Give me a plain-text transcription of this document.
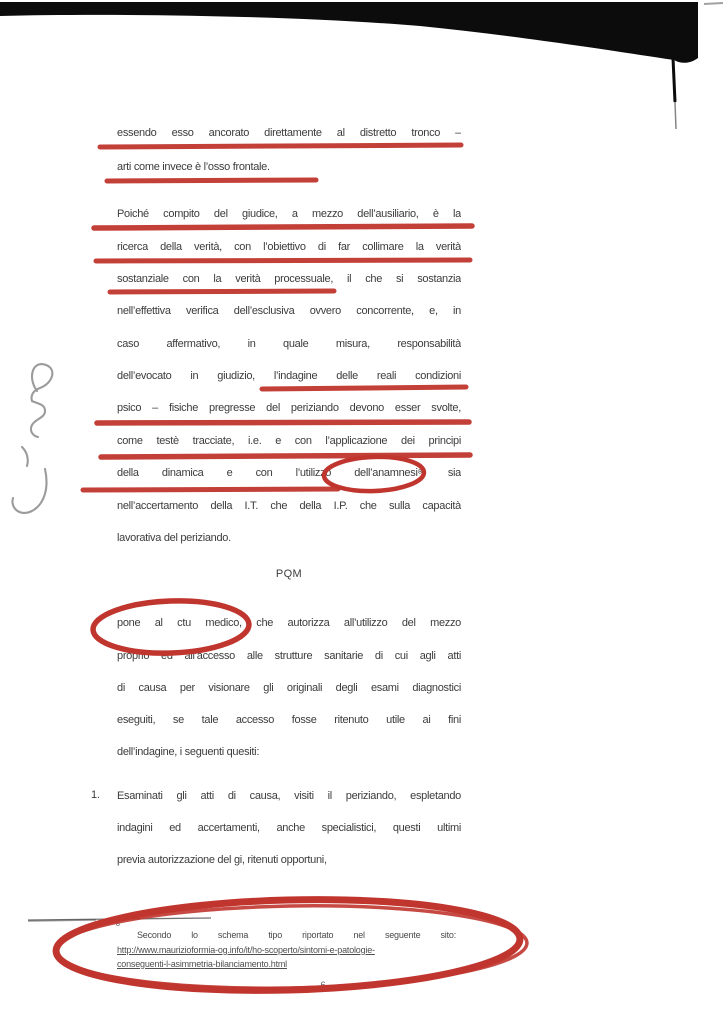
essendo esso ancorato direttamente al distretto tronco –
arti come invece è l’osso frontale.
Poiché compito del giudice, a mezzo dell’ausiliario, è la
ricerca della verità, con l’obiettivo di far collimare la verità
sostanziale con la verità processuale, il che si sostanzia
nell’effettiva verifica dell’esclusiva ovvero concorrente, e, in
caso affermativo, in quale misura, responsabilità
dell’evocato in giudizio, l’indagine delle reali condizioni
psico – fisiche pregresse del periziando devono esser svolte,
come testè tracciate, i.e. e con l’applicazione dei principi
della dinamica e con l’utilizzo dell’anamnesi⁸, sia
nell’accertamento della I.T. che della I.P. che sulla capacità
lavorativa del periziando.
PQM
pone al ctu medico, che autorizza all’utilizzo del mezzo
proprio ed all’accesso alle strutture sanitarie di cui agli atti
di causa per visionare gli originali degli esami diagnostici
eseguiti, se tale accesso fosse ritenuto utile ai fini
dell’indagine, i seguenti quesiti:
1. Esaminati gli atti di causa, visiti il periziando, espletando
indagini ed accertamenti, anche specialistici, questi ultimi
previa autorizzazione del gi, ritenuti opportuni,
8
Secondo lo schema tipo riportato nel seguente sito:
http://www.maurizioformia-og.info/it/ho-scoperto/sintomi-e-patologie-
conseguenti-l-asimmetria-bilanciamento.html
6
